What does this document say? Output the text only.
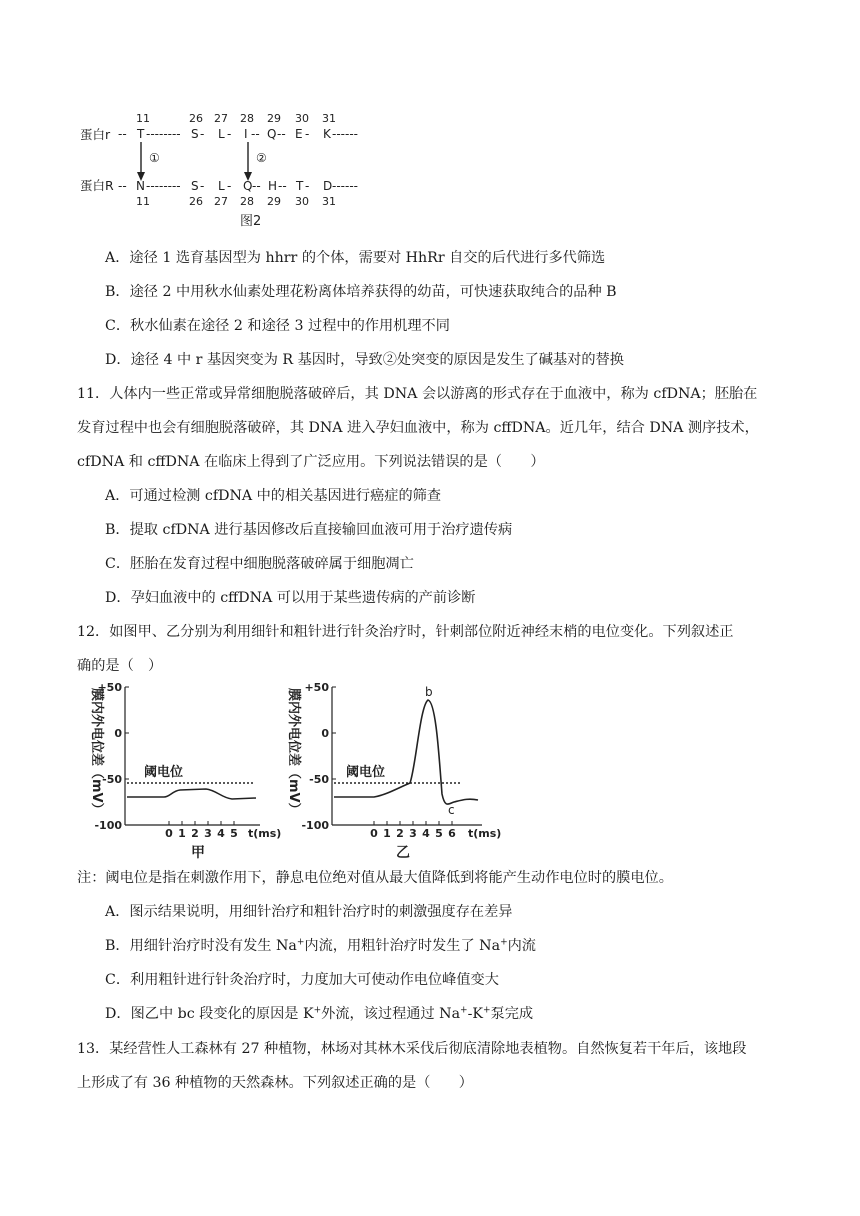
11	26 27 28 29 30 31
蛋白r -- T -------- S - L - I -- Q -- E - K ------
①	②
蛋白R -- N -------- S - L - Q -- H -- T - D ------
11	26 27 28 29 30 31
图2
A．途径 1 选育基因型为 hhrr 的个体，需要对 HhRr 自交的后代进行多代筛选
B．途径 2 中用秋水仙素处理花粉离体培养获得的幼苗，可快速获取纯合的品种 B
C．秋水仙素在途径 2 和途径 3 过程中的作用机理不同
D．途径 4 中 r 基因突变为 R 基因时，导致②处突变的原因是发生了碱基对的替换
11．人体内一些正常或异常细胞脱落破碎后，其 DNA 会以游离的形式存在于血液中，称为 cfDNA；胚胎在
发育过程中也会有细胞脱落破碎，其 DNA 进入孕妇血液中，称为 cffDNA。近几年，结合 DNA 测序技术，
cfDNA 和 cffDNA 在临床上得到了广泛应用。下列说法错误的是（　　）
A．可通过检测 cfDNA 中的相关基因进行癌症的筛查
B．提取 cfDNA 进行基因修改后直接输回血液可用于治疗遗传病
C．胚胎在发育过程中细胞脱落破碎属于细胞凋亡
D．孕妇血液中的 cffDNA 可以用于某些遗传病的产前诊断
12．如图甲、乙分别为利用细针和粗针进行针灸治疗时，针刺部位附近神经末梢的电位变化。下列叙述正
确的是（　）
膜内外电位差（mV）
+50
0
-50
-100
0 1 2 3 4 5 t(ms)
阈电位
甲
膜内外电位差（mV）
+50
0
-50
-100
0 1 2 3 4 5 6 t(ms)
阈电位
b
c
乙
注：阈电位是指在刺激作用下，静息电位绝对值从最大值降低到将能产生动作电位时的膜电位。
A．图示结果说明，用细针治疗和粗针治疗时的刺激强度存在差异
B．用细针治疗时没有发生 Na+内流，用粗针治疗时发生了 Na+内流
C．利用粗针进行针灸治疗时，力度加大可使动作电位峰值变大
D．图乙中 bc 段变化的原因是 K+外流，该过程通过 Na+-K+泵完成
13．某经营性人工森林有 27 种植物，林场对其林木采伐后彻底清除地表植物。自然恢复若干年后，该地段
上形成了有 36 种植物的天然森林。下列叙述正确的是（　　）
